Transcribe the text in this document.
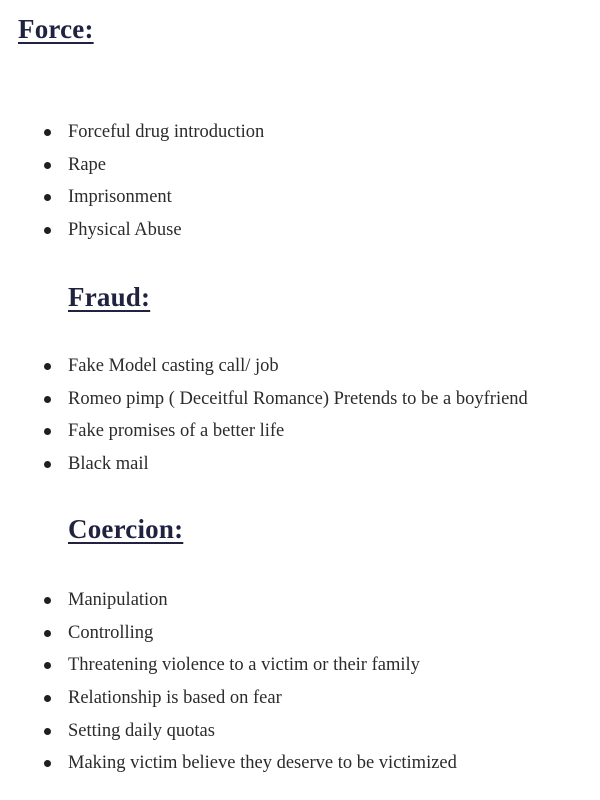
Force:
Forceful drug introduction
Rape
Imprisonment
Physical Abuse
Fraud:
Fake Model casting call/ job
Romeo pimp ( Deceitful Romance) Pretends to be a boyfriend
Fake promises of a better life
Black mail
Coercion:
Manipulation
Controlling
Threatening violence to a victim or their family
Relationship is based on fear
Setting daily quotas
Making victim believe they deserve to be victimized
